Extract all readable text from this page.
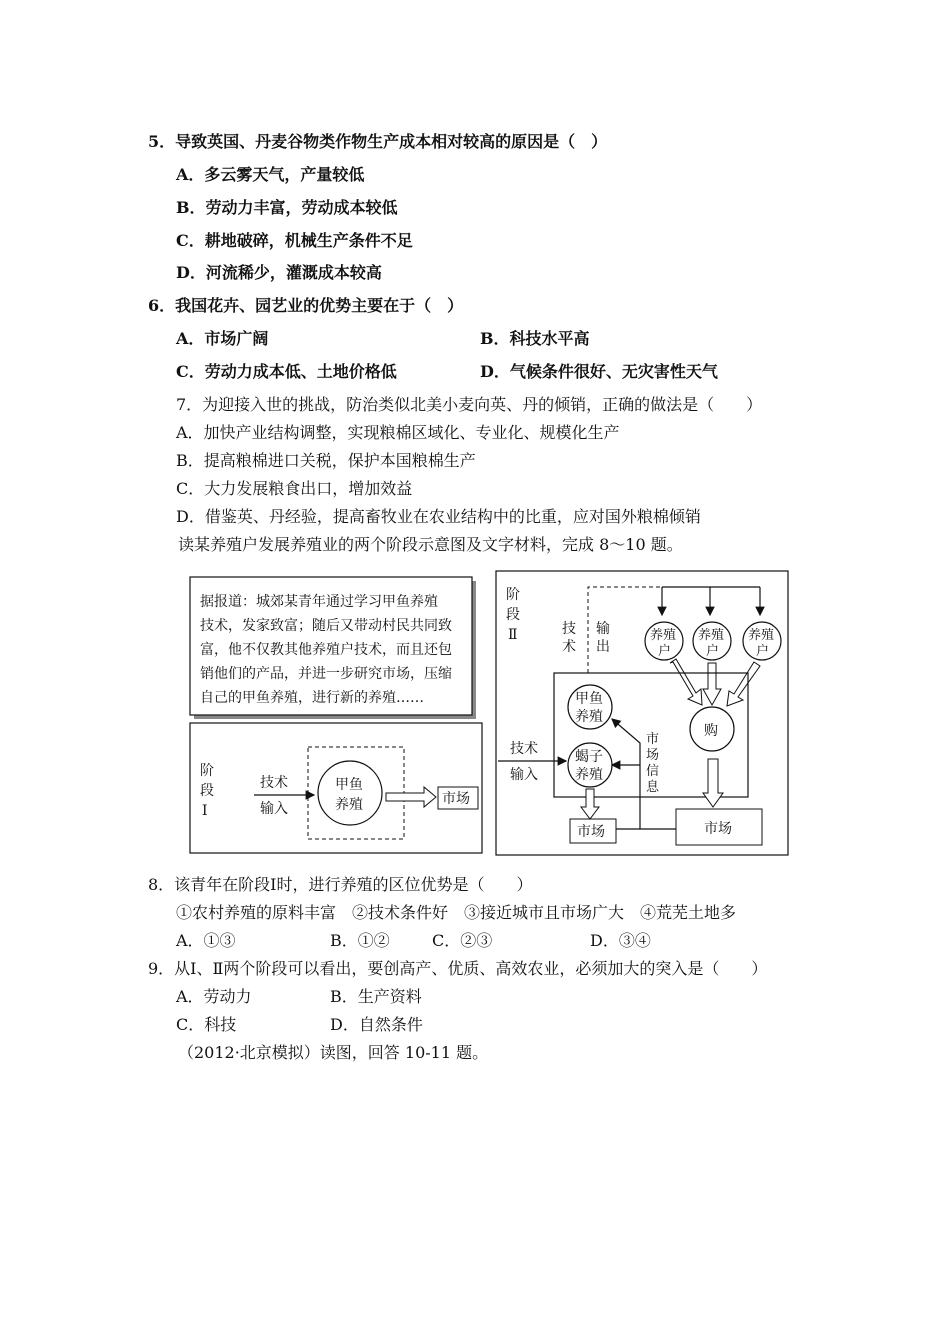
5．导致英国、丹麦谷物类作物生产成本相对较高的原因是（　）
A．多云雾天气，产量较低
B．劳动力丰富，劳动成本较低
C．耕地破碎，机械生产条件不足
D．河流稀少，灌溉成本较高
6．我国花卉、园艺业的优势主要在于（　）
A．市场广阔	B．科技水平高
C．劳动力成本低、土地价格低	D．气候条件很好、无灾害性天气
7．为迎接入世的挑战，防治类似北美小麦向英、丹的倾销，正确的做法是（　　）
A．加快产业结构调整，实现粮棉区域化、专业化、规模化生产
B．提高粮棉进口关税，保护本国粮棉生产
C．大力发展粮食出口，增加效益
D．借鉴英、丹经验，提高畜牧业在农业结构中的比重，应对国外粮棉倾销
读某养殖户发展养殖业的两个阶段示意图及文字材料，完成 8～10 题。
据报道：城郊某青年通过学习甲鱼养殖
技术，发家致富；随后又带动村民共同致
富，他不仅教其他养殖户技术，而且还包
销他们的产品，并进一步研究市场，压缩
自己的甲鱼养殖，进行新的养殖……
阶
段
Ⅰ
技术
输入
甲鱼
养殖	市场
阶
段
Ⅱ	技
术
输
出
养殖
户
养殖
户
养殖
户
购
甲鱼
养殖
蝎子
养殖
技术
输入
市
场
信
息
市场	市场
8．该青年在阶段Ⅰ时，进行养殖的区位优势是（　　）
①农村养殖的原料丰富　②技术条件好　③接近城市且市场广大　④荒芜土地多
A．①③	B．①②	C．②③	D．③④
9．从Ⅰ、Ⅱ两个阶段可以看出，要创高产、优质、高效农业，必须加大的突入是（　　）
A．劳动力	B．生产资料
C．科技	D．自然条件
（2012·北京模拟）读图，回答 10-11 题。
